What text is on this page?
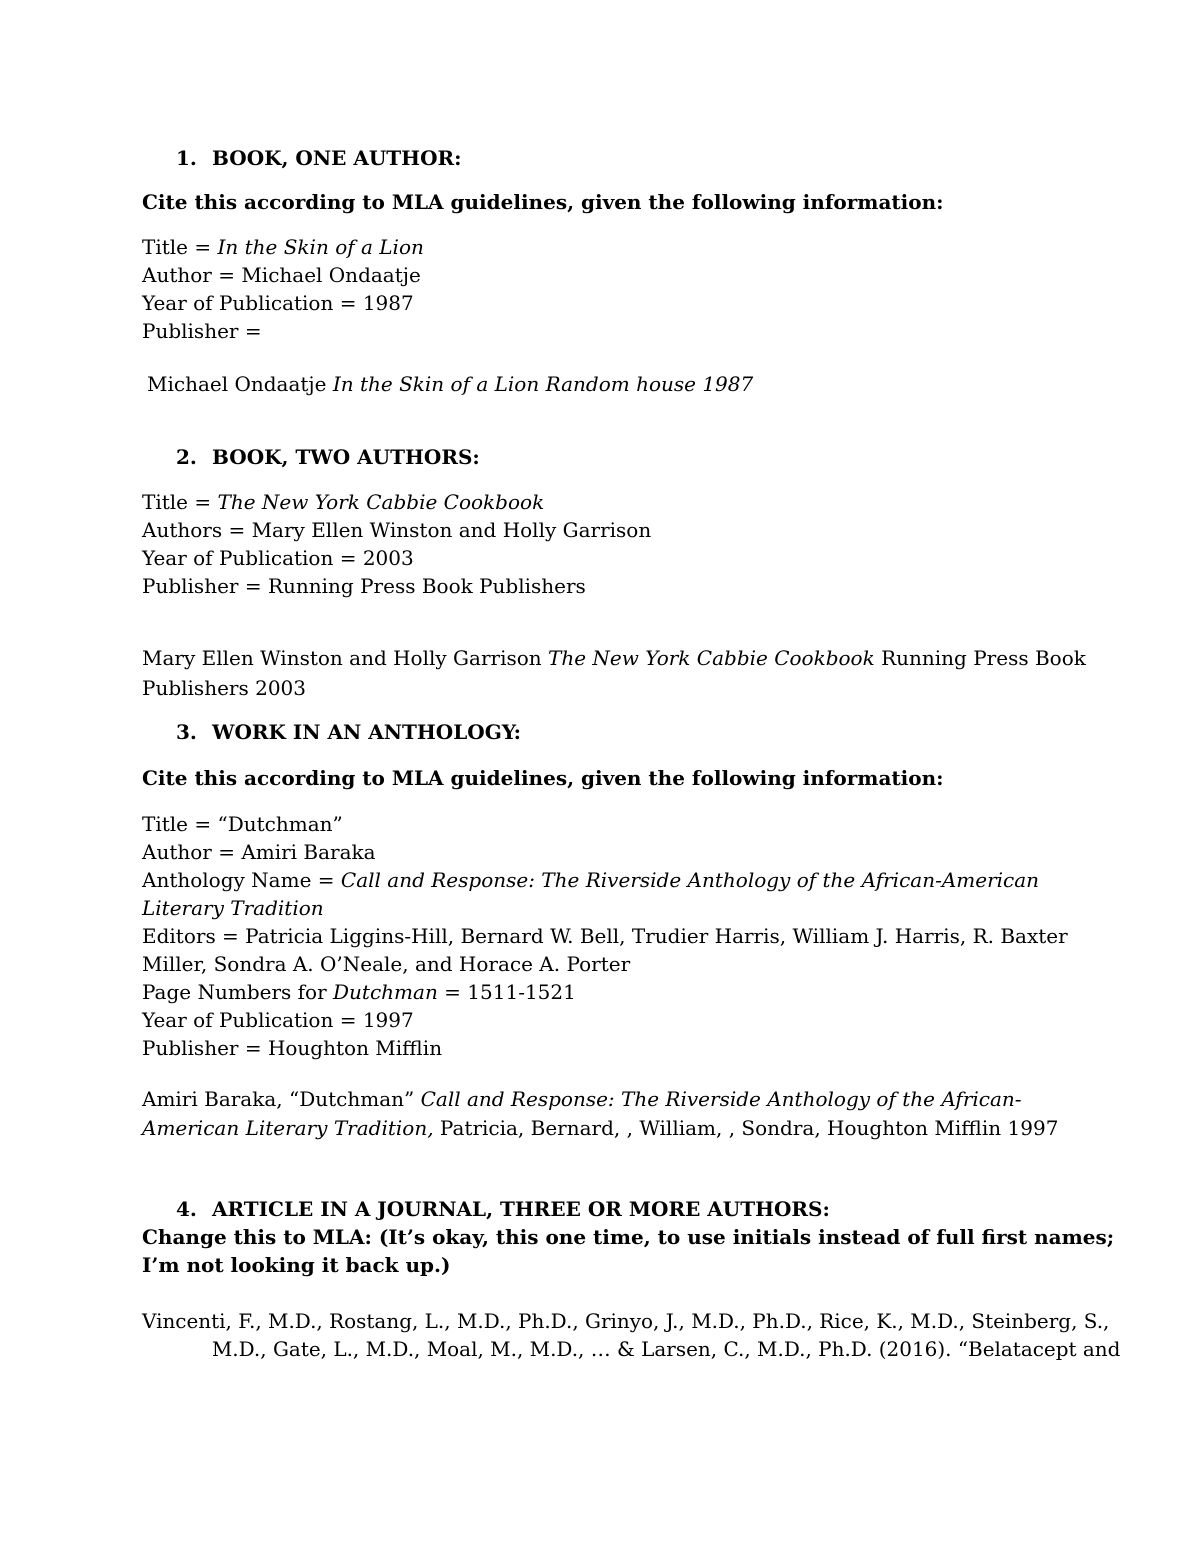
1. BOOK, ONE AUTHOR:

Cite this according to MLA guidelines, given the following information:

Title = In the Skin of a Lion
Author = Michael Ondaatje
Year of Publication = 1987
Publisher =

Michael Ondaatje In the Skin of a Lion Random house 1987

2. BOOK, TWO AUTHORS:

Title = The New York Cabbie Cookbook
Authors = Mary Ellen Winston and Holly Garrison
Year of Publication = 2003
Publisher = Running Press Book Publishers
Mary Ellen Winston and Holly Garrison The New York Cabbie Cookbook Running Press Book
Publishers 2003

3. WORK IN AN ANTHOLOGY:

Cite this according to MLA guidelines, given the following information:

Title = “Dutchman”
Author = Amiri Baraka
Anthology Name = Call and Response: The Riverside Anthology of the African-American
Literary Tradition
Editors = Patricia Liggins-Hill, Bernard W. Bell, Trudier Harris, William J. Harris, R. Baxter
Miller, Sondra A. O’Neale, and Horace A. Porter
Page Numbers for Dutchman = 1511-1521
Year of Publication = 1997
Publisher = Houghton Mifflin
Amiri Baraka, “Dutchman” Call and Response: The Riverside Anthology of the African-
American Literary Tradition, Patricia, Bernard, , William, , Sondra, Houghton Mifflin 1997

4. ARTICLE IN A JOURNAL, THREE OR MORE AUTHORS:

Change this to MLA: (It’s okay, this one time, to use initials instead of full first names;
I’m not looking it back up.)
Vincenti, F., M.D., Rostang, L., M.D., Ph.D., Grinyo, J., M.D., Ph.D., Rice, K., M.D., Steinberg, S.,
M.D., Gate, L., M.D., Moal, M., M.D., … & Larsen, C., M.D., Ph.D. (2016). “Belatacept and
